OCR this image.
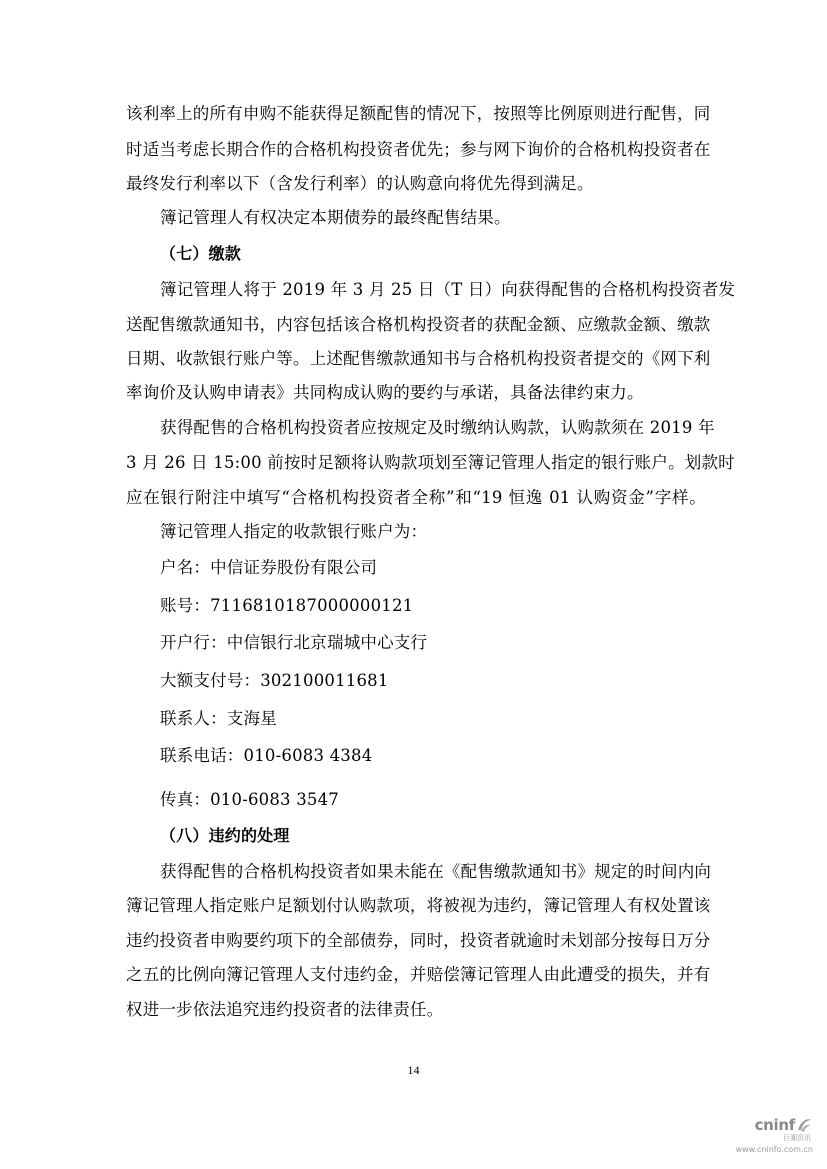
该利率上的所有申购不能获得足额配售的情况下，按照等比例原则进行配售，同
时适当考虑长期合作的合格机构投资者优先；参与网下询价的合格机构投资者在
最终发行利率以下（含发行利率）的认购意向将优先得到满足。
簿记管理人有权决定本期债券的最终配售结果。
（七）缴款
簿记管理人将于 2019 年 3 月 25 日（T 日）向获得配售的合格机构投资者发
送配售缴款通知书，内容包括该合格机构投资者的获配金额、应缴款金额、缴款
日期、收款银行账户等。上述配售缴款通知书与合格机构投资者提交的《网下利
率询价及认购申请表》共同构成认购的要约与承诺，具备法律约束力。
获得配售的合格机构投资者应按规定及时缴纳认购款，认购款须在 2019 年
3 月 26 日 15:00 前按时足额将认购款项划至簿记管理人指定的银行账户。划款时
应在银行附注中填写“合格机构投资者全称”和“19 恒逸 01 认购资金”字样。
簿记管理人指定的收款银行账户为：
户名：中信证券股份有限公司
账号：7116810187000000121
开户行：中信银行北京瑞城中心支行
大额支付号：302100011681
联系人：支海星
联系电话：010-6083 4384
传真：010-6083 3547
（八）违约的处理
获得配售的合格机构投资者如果未能在《配售缴款通知书》规定的时间内向
簿记管理人指定账户足额划付认购款项，将被视为违约，簿记管理人有权处置该
违约投资者申购要约项下的全部债券，同时，投资者就逾时未划部分按每日万分
之五的比例向簿记管理人支付违约金，并赔偿簿记管理人由此遭受的损失，并有
权进一步依法追究违约投资者的法律责任。
14
cninf
巨潮资讯
www.cninfo.com.cn
